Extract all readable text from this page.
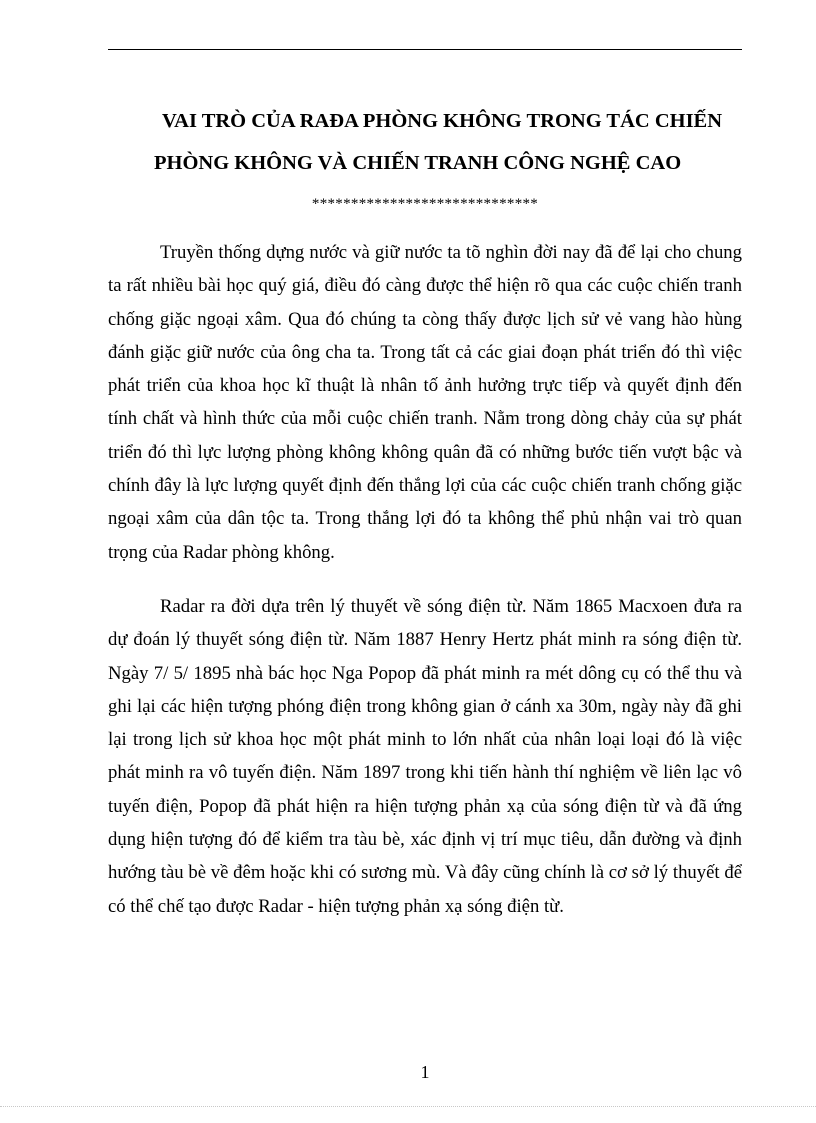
VAI TRÒ CỦA RAĐA PHÒNG KHÔNG TRONG TÁC CHIẾN
PHÒNG KHÔNG VÀ CHIẾN TRANH CÔNG NGHỆ CAO
*****************************

Truyền thống dựng nước và giữ nước ta tõ nghìn đời nay đã để lại cho chung ta rất nhiều bài học quý giá, điều đó càng được thể hiện rõ qua các cuộc chiến tranh chống giặc ngoại xâm. Qua đó chúng ta còng thấy được lịch sử vẻ vang hào hùng đánh giặc giữ nước của ông cha ta. Trong tất cả các giai đoạn phát triển đó thì việc phát triển của khoa học kĩ thuật là nhân tố ảnh hưởng trực tiếp và quyết định đến tính chất và hình thức của mỗi cuộc chiến tranh. Nằm trong dòng chảy của sự phát triển đó thì lực lượng phòng không không quân đã có những bước tiến vượt bậc và chính đây là lực lượng quyết định đến thắng lợi của các cuộc chiến tranh chống giặc ngoại xâm của dân tộc ta. Trong thắng lợi đó ta không thể phủ nhận vai trò quan trọng của Radar phòng không.

Radar ra đời dựa trên lý thuyết về sóng điện từ. Năm 1865 Macxoen đưa ra dự đoán lý thuyết sóng điện từ. Năm 1887 Henry Hertz phát minh ra sóng điện từ. Ngày 7/ 5/ 1895 nhà bác học Nga Popop đã phát minh ra mét dông cụ có thể thu và ghi lại các hiện tượng phóng điện trong không gian ở cánh xa 30m, ngày này đã ghi lại trong lịch sử khoa học một phát minh to lớn nhất của nhân loại loại đó là việc phát minh ra vô tuyến điện. Năm 1897 trong khi tiến hành thí nghiệm về liên lạc vô tuyến điện, Popop đã phát hiện ra hiện tượng phản xạ của sóng điện từ và đã ứng dụng hiện tượng đó để kiểm tra tàu bè, xác định vị trí mục tiêu, dẫn đường và định hướng tàu bè về đêm hoặc khi có sương mù. Và đây cũng chính là cơ sở lý thuyết để có thể chế tạo được Radar - hiện tượng phản xạ sóng điện từ.

1
